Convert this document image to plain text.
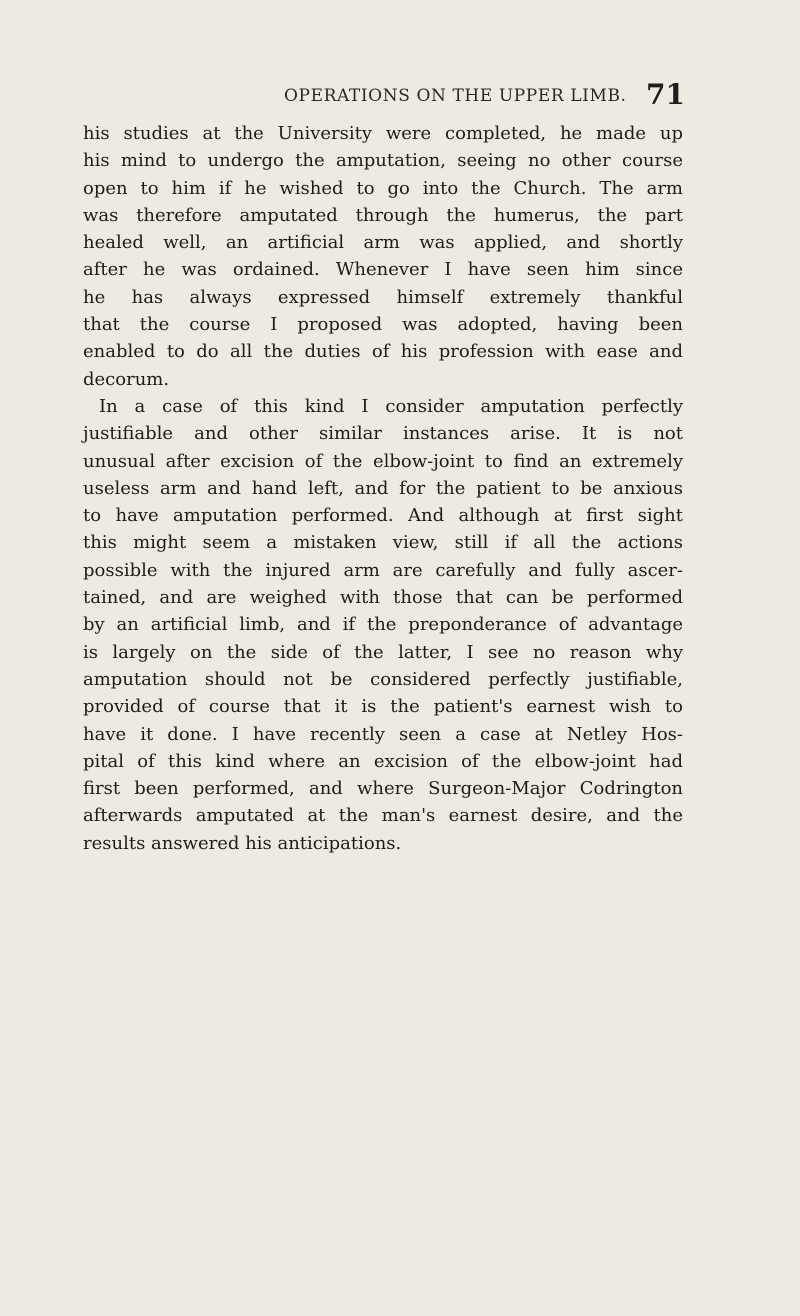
OPERATIONS ON THE UPPER LIMB. 71
his studies at the University were completed, he made up
his mind to undergo the amputation, seeing no other course
open to him if he wished to go into the Church. The arm
was therefore amputated through the humerus, the part
healed well, an artificial arm was applied, and shortly
after he was ordained. Whenever I have seen him since
he has always expressed himself extremely thankful
that the course I proposed was adopted, having been
enabled to do all the duties of his profession with ease and
decorum.
In a case of this kind I consider amputation perfectly
justifiable and other similar instances arise. It is not
unusual after excision of the elbow-joint to find an extremely
useless arm and hand left, and for the patient to be anxious
to have amputation performed. And although at first sight
this might seem a mistaken view, still if all the actions
possible with the injured arm are carefully and fully ascer-
tained, and are weighed with those that can be performed
by an artificial limb, and if the preponderance of advantage
is largely on the side of the latter, I see no reason why
amputation should not be considered perfectly justifiable,
provided of course that it is the patient's earnest wish to
have it done. I have recently seen a case at Netley Hos-
pital of this kind where an excision of the elbow-joint had
first been performed, and where Surgeon-Major Codrington
afterwards amputated at the man's earnest desire, and the
results answered his anticipations.
